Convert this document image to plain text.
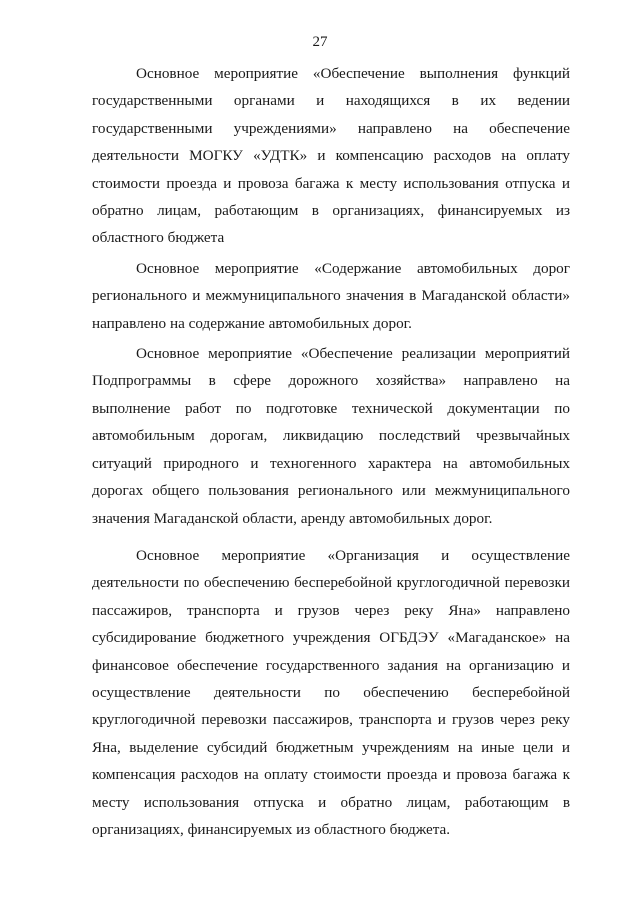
27

Основное мероприятие «Обеспечение выполнения функций государственными органами и находящихся в их ведении государственными учреждениями» направлено на обеспечение деятельности МОГКУ «УДТК» и компенсацию расходов на оплату стоимости проезда и провоза багажа к месту использования отпуска и обратно лицам, работающим в организациях, финансируемых из областного бюджета

Основное мероприятие «Содержание автомобильных дорог регионального и межмуниципального значения в Магаданской области» направлено на содержание автомобильных дорог.

Основное мероприятие «Обеспечение реализации мероприятий Подпрограммы в сфере дорожного хозяйства» направлено на выполнение работ по подготовке технической документации по автомобильным дорогам, ликвидацию последствий чрезвычайных ситуаций природного и техногенного характера на автомобильных дорогах общего пользования регионального или межмуниципального значения Магаданской области, аренду автомобильных дорог.

Основное мероприятие «Организация и осуществление деятельности по обеспечению бесперебойной круглогодичной перевозки пассажиров, транспорта и грузов через реку Яна» направлено субсидирование бюджетного учреждения ОГБДЭУ «Магаданское» на финансовое обеспечение государственного задания на организацию и осуществление деятельности по обеспечению бесперебойной круглогодичной перевозки пассажиров, транспорта и грузов через реку Яна, выделение субсидий бюджетным учреждениям на иные цели и компенсация расходов на оплату стоимости проезда и провоза багажа к месту использования отпуска и обратно лицам, работающим в организациях, финансируемых из областного бюджета.
